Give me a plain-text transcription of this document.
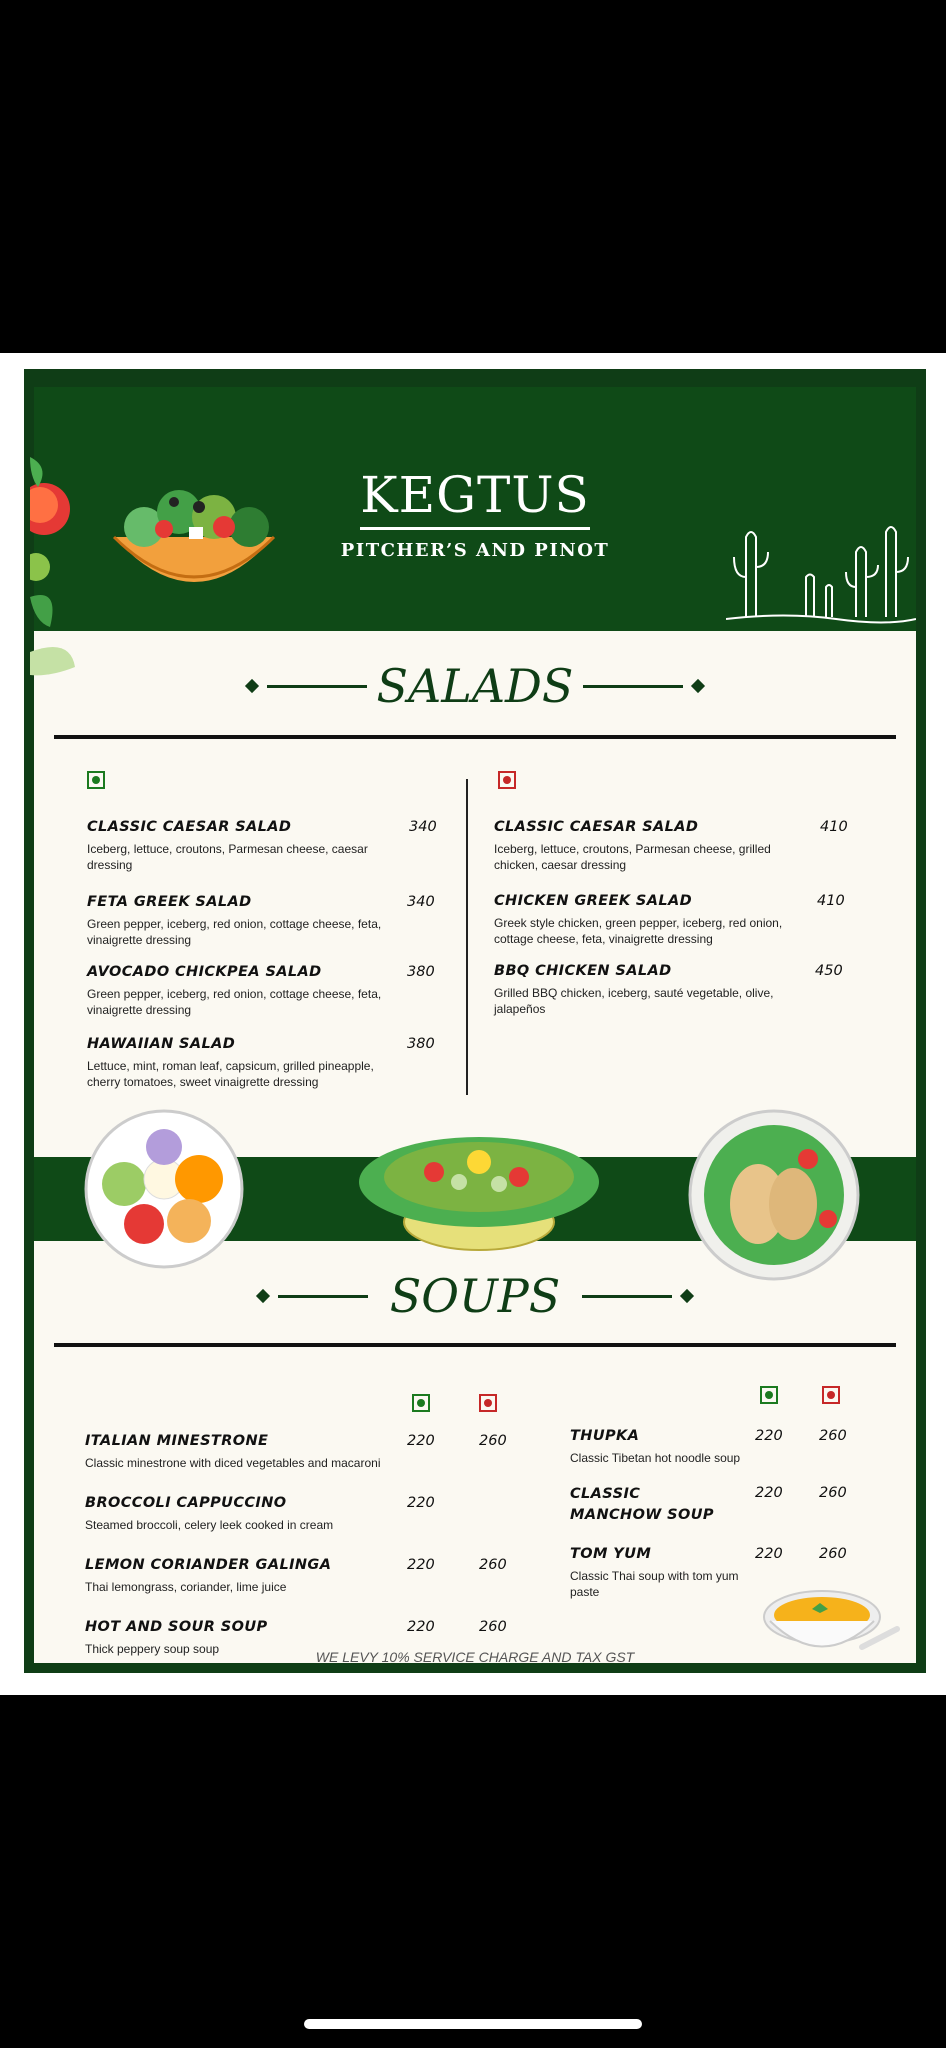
KEGTUS
PITCHER’S AND PINOT
SALADS
CLASSIC CAESAR SALAD
Iceberg, lettuce, croutons, Parmesan cheese, caesar dressing
340
FETA GREEK SALAD
Green pepper, iceberg, red onion, cottage cheese, feta, vinaigrette dressing
340
AVOCADO CHICKPEA SALAD
Green pepper, iceberg, red onion, cottage cheese, feta, vinaigrette dressing
380
HAWAIIAN SALAD
Lettuce, mint, roman leaf, capsicum, grilled pineapple, cherry tomatoes, sweet vinaigrette dressing
380
CLASSIC CAESAR SALAD
Iceberg, lettuce, croutons, Parmesan cheese, grilled chicken, caesar dressing
410
CHICKEN GREEK SALAD
Greek style chicken, green pepper, iceberg, red onion, cottage cheese, feta, vinaigrette dressing
410
BBQ CHICKEN SALAD
Grilled BBQ chicken, iceberg, sauté vegetable, olive, jalapeños
450
SOUPS
ITALIAN MINESTRONE
Classic minestrone with diced vegetables and macaroni
220	260
BROCCOLI CAPPUCCINO
Steamed broccoli, celery leek cooked in cream
220
LEMON CORIANDER GALINGA
Thai lemongrass, coriander, lime juice
220	260
HOT AND SOUR SOUP
Thick peppery soup soup
220	260
THUPKA
Classic Tibetan hot noodle soup
220	260
CLASSIC MANCHOW SOUP
220	260
TOM YUM
Classic Thai soup with tom yum paste
220	260
WE LEVY 10% SERVICE CHARGE AND TAX GST
